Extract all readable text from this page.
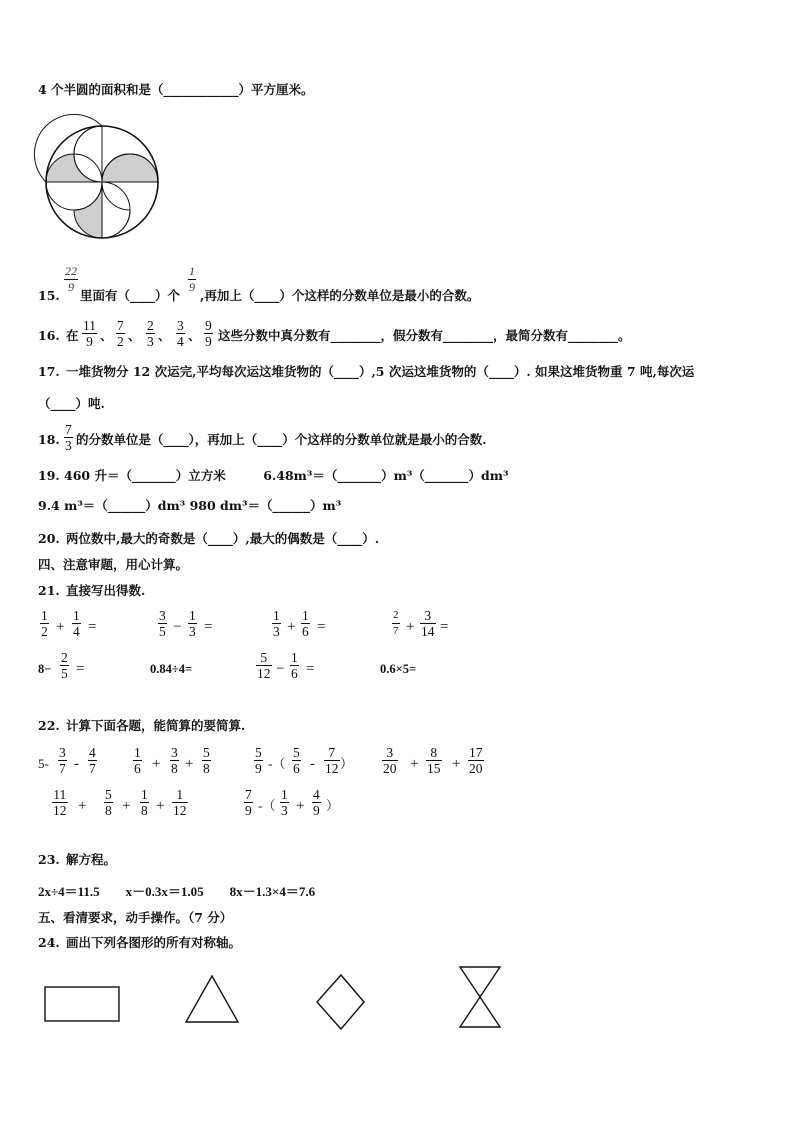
4 个半圆的面积和是（____________）平方厘米。
$\frac{22}{9}$
15. 里面有（____）个
$\frac{1}{9}$
,再加上（____）个这样的分数单位是最小的合数。
16. 在 $\frac{11}{9}$ 、 $\frac{7}{2}$ 、 $\frac{2}{3}$ 、 $\frac{3}{4}$ 、 $\frac{9}{9}$ 这些分数中真分数有________，假分数有________，最简分数有________。
17. 一堆货物分 12 次运完,平均每次运这堆货物的（____）,5 次运这堆货物的（____）. 如果这堆货物重 7 吨,每次运
（____）吨.
18. $\frac{7}{3}$ 的分数单位是（____），再加上（____）个这样的分数单位就是最小的合数.
19. 460 升＝（_______）立方米　　　6.48m³＝（_______）m³（_______）dm³
9.4 m³＝（______）dm³ 980 dm³＝（______）m³
20. 两位数中,最大的奇数是（____）,最大的偶数是（____）.
四、注意审题，用心计算。
21. 直接写出得数.
$\frac{1}{2} + \frac{1}{4}$ =	$\frac{3}{5} - \frac{1}{3}$ =	$\frac{1}{3} + \frac{1}{6}$ =	$\frac{2}{7} + \frac{3}{14}$ =
$8- \frac{2}{5}$ =	0.84÷4=	$\frac{5}{12} - \frac{1}{6}$ =	0.6×5=
22. 计算下面各题，能简算的要简算.
$5- \frac{3}{7} - \frac{4}{7}$	$\frac{1}{6} + \frac{3}{8} + \frac{5}{8}$	$\frac{5}{9}$ -（ $\frac{5}{6} - \frac{7}{12}$ ） $\frac{3}{20} + \frac{8}{15} + \frac{17}{20}$
$\frac{11}{12} + \frac{5}{8} + \frac{1}{8} + \frac{1}{12}$	$\frac{7}{9}$ -（ $\frac{1}{3} + \frac{4}{9}$ ）
23. 解方程。
2x÷4＝11.5　　x－0.3x＝1.05　　8x－1.3×4＝7.6
五、看清要求，动手操作。（7 分）
24. 画出下列各图形的所有对称轴。
